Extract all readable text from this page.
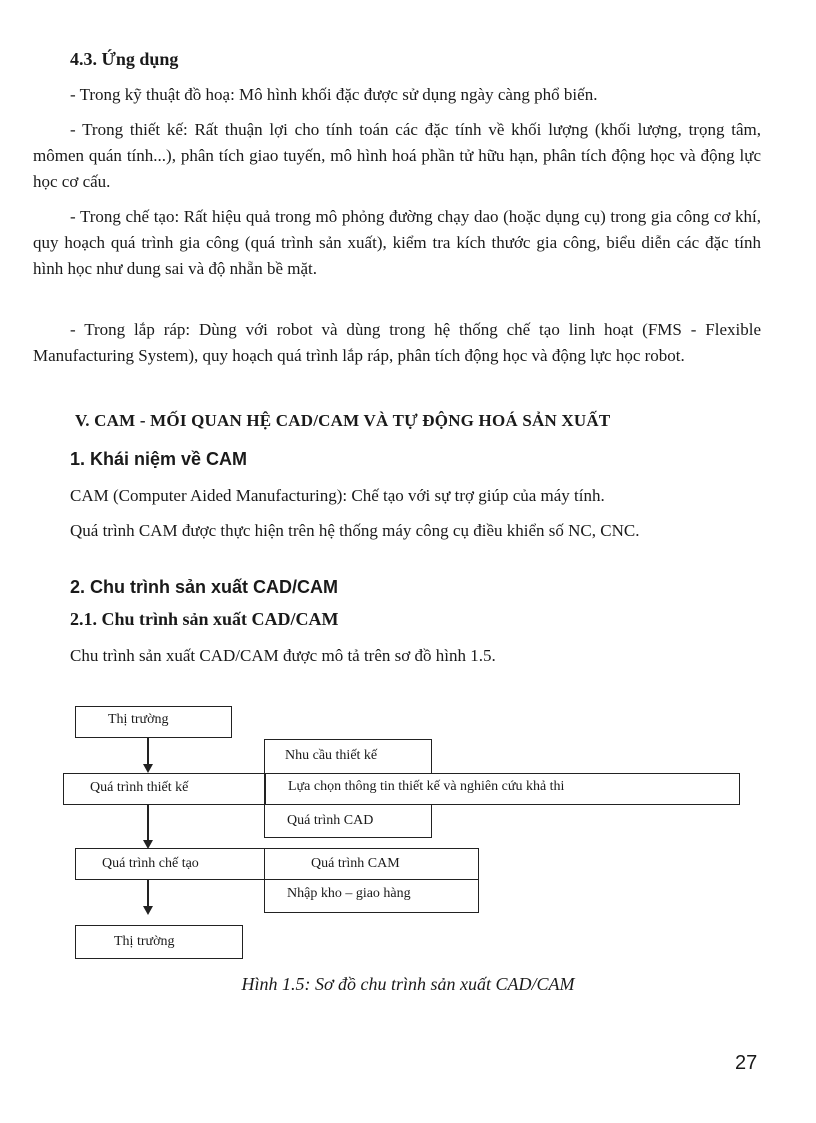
4.3. Ứng dụng

- Trong kỹ thuật đồ hoạ: Mô hình khối đặc được sử dụng ngày càng phổ biến.

- Trong thiết kế: Rất thuận lợi cho tính toán các đặc tính về khối lượng (khối lượng, trọng tâm, mômen quán tính...), phân tích giao tuyến, mô hình hoá phần tử hữu hạn, phân tích động học và động lực học cơ cấu.

- Trong chế tạo: Rất hiệu quả trong mô phỏng đường chạy dao (hoặc dụng cụ) trong gia công cơ khí, quy hoạch quá trình gia công (quá trình sản xuất), kiểm tra kích thước gia công, biểu diễn các đặc tính hình học như dung sai và độ nhẵn bề mặt.

- Trong lắp ráp: Dùng với robot và dùng trong hệ thống chế tạo linh hoạt (FMS - Flexible Manufacturing System), quy hoạch quá trình lắp ráp, phân tích động học và động lực học robot.

V. CAM - MỐI QUAN HỆ CAD/CAM VÀ TỰ ĐỘNG HOÁ SẢN XUẤT

1. Khái niệm về CAM

CAM (Computer Aided Manufacturing): Chế tạo với sự trợ giúp của máy tính.

Quá trình CAM được thực hiện trên hệ thống máy công cụ điều khiển số NC, CNC.

2. Chu trình sản xuất CAD/CAM

2.1. Chu trình sản xuất CAD/CAM

Chu trình sản xuất CAD/CAM được mô tả trên sơ đồ hình 1.5.

Thị trường
Nhu cầu thiết kế
Quá trình thiết kế	Lựa chọn thông tin thiết kế và nghiên cứu khả thi
Quá trình CAD
Quá trình chế tạo	Quá trình CAM
Nhập kho – giao hàng
Thị trường

Hình 1.5: Sơ đồ chu trình sản xuất CAD/CAM

27
